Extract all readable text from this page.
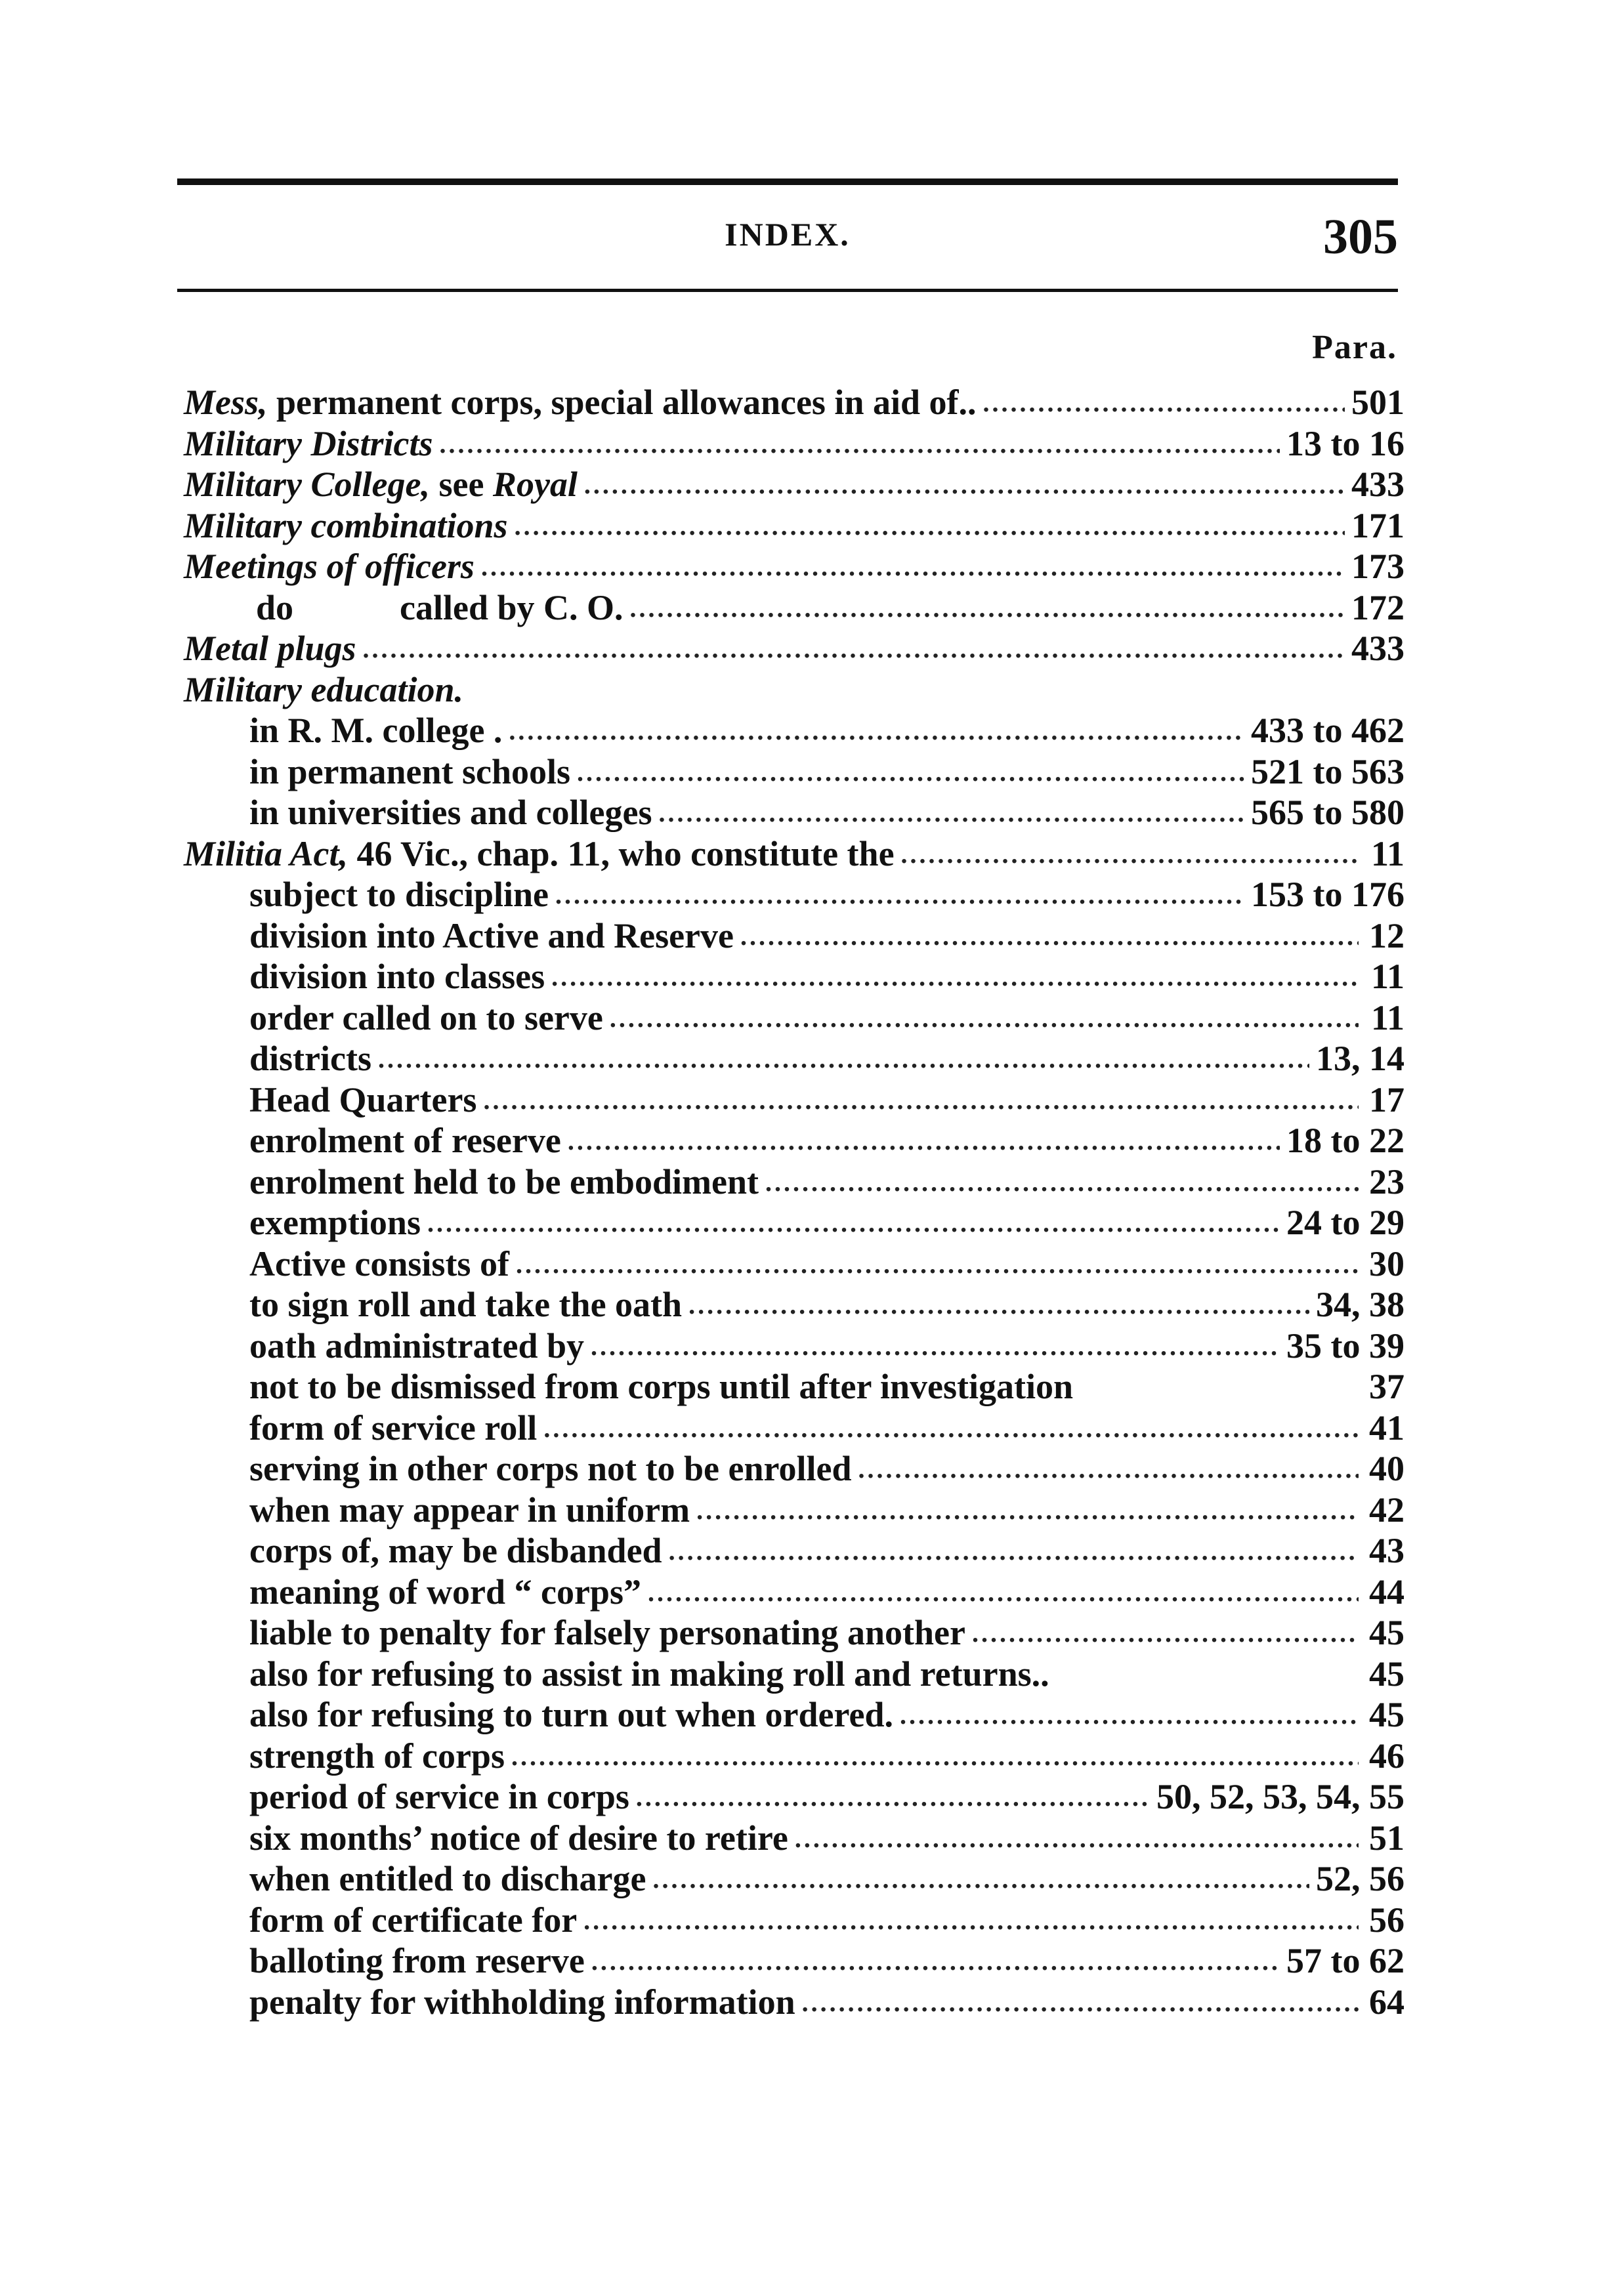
INDEX.	305
Para.
Mess, permanent corps, special allowances in aid of.. .....	501
Military Districts .....	13 to 16
Military College, see Royal .....	433
Military combinations .....	171
Meetings of officers .....	173
do            called by C. O. .....	172
Metal plugs .....	433
Military education.
in R. M. college . .....	433 to 462
in permanent schools .....	521 to 563
in universities and colleges .....	565 to 580
Militia Act, 46 Vic., chap. 11, who constitute the .....	11
subject to discipline .....	153 to 176
division into Active and Reserve .....	12
division into classes .....	11
order called on to serve .....	11
districts .....	13, 14
Head Quarters .....	17
enrolment of reserve .....	18 to 22
enrolment held to be embodiment .....	23
exemptions .....	24 to 29
Active consists of .....	30
to sign roll and take the oath .....	34, 38
oath administrated by .....	35 to 39
not to be dismissed from corps until after investigation	37
form of service roll .....	41
serving in other corps not to be enrolled .....	40
when may appear in uniform .....	42
corps of, may be disbanded .....	43
meaning of word “ corps” .....	44
liable to penalty for falsely personating another .....	45
also for refusing to assist in making roll and returns..	45
also for refusing to turn out when ordered. .....	45
strength of corps .....	46
period of service in corps .....	50, 52, 53, 54, 55
six months’ notice of desire to retire .....	51
when entitled to discharge .....	52, 56
form of certificate for .....	56
balloting from reserve .....	57 to 62
penalty for withholding information .....	64
